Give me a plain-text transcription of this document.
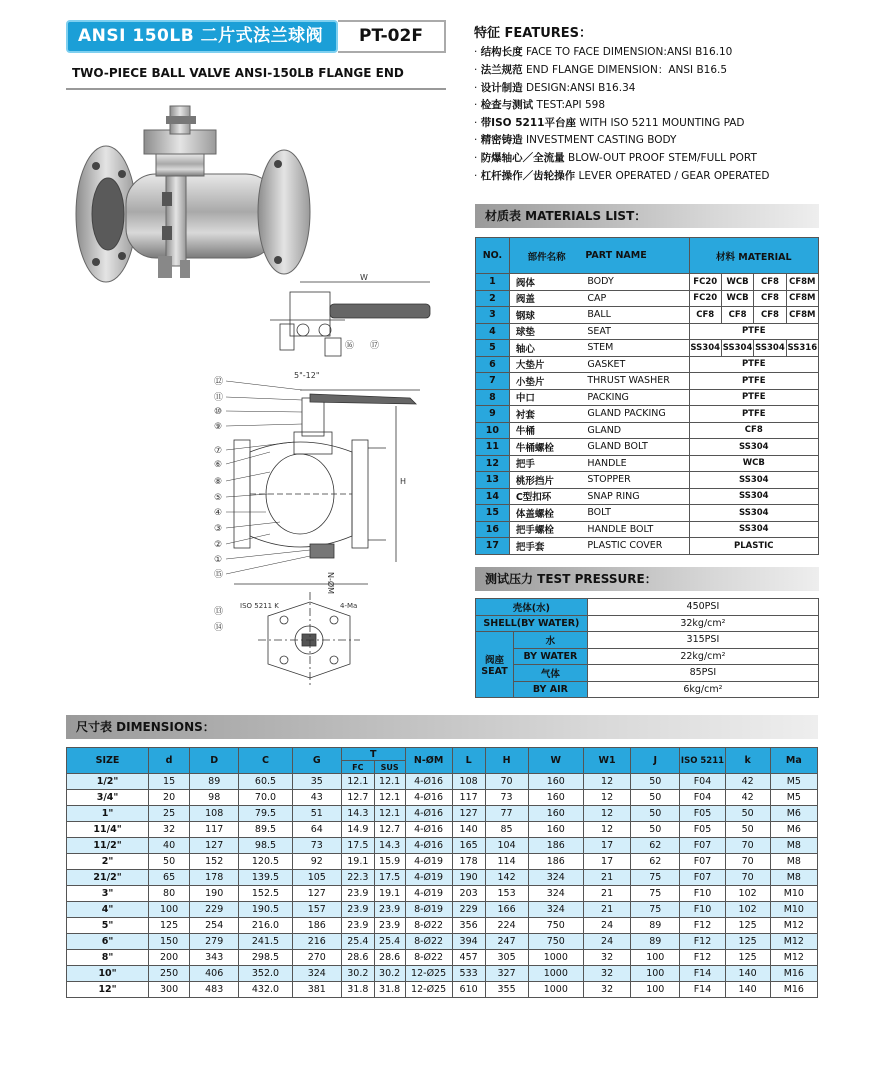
ANSI 150LB 二片式法兰球阀	PT-02F
TWO-PIECE BALL VALVE ANSI-150LB FLANGE END
W
5"-12"
⑯ ⑰
H
N-ØM
⑫
⑪
⑩
⑨
⑦
⑥
⑧
⑤
④
③
②
①
⑮
⑬
⑭
ISO 5211 K	4-Ma
特征 FEATURES：
· 结构长度 FACE TO FACE DIMENSION:ANSI B16.10
· 法兰规范 END FLANGE DIMENSION：ANSI B16.5
· 设计制造 DESIGN:ANSI B16.34
· 检查与测试 TEST:API 598
· 带ISO 5211平台座 WITH ISO 5211 MOUNTING PAD
· 精密铸造 INVESTMENT CASTING BODY
· 防爆轴心／全流量 BLOW-OUT PROOF STEM/FULL PORT
· 杠杆操作／齿轮操作 LEVER OPERATED / GEAR OPERATED
材质表 MATERIALS LIST：
NO.	部件名称	PART NAME	材料 MATERIAL			
1	阀体	BODY	FC20	WCB	CF8	CF8M
2	阀盖	CAP	FC20	WCB	CF8	CF8M
3	钢球	BALL	CF8	CF8	CF8	CF8M
4	球垫	SEAT	PTFE			
5	轴心	STEM	SS304	SS304	SS304	SS316
6	大垫片	GASKET	PTFE			
7	小垫片	THRUST WASHER	PTFE			
8	中口	PACKING	PTFE			
9	衬套	GLAND PACKING	PTFE			
10	牛桶	GLAND	CF8			
11	牛桶螺栓	GLAND BOLT	SS304			
12	把手	HANDLE	WCB			
13	桃形挡片	STOPPER	SS304			
14	C型扣环	SNAP RING	SS304			
15	体盖螺栓	BOLT	SS304			
16	把手螺栓	HANDLE BOLT	SS304			
17	把手套	PLASTIC COVER	PLASTIC			
测试压力 TEST PRESSURE：
壳体(水)		450PSI
SHELL(BY WATER)		32kg/cm²
阀座
SEAT	水	315PSI
	BY WATER	22kg/cm²
	气体	85PSI
	BY AIR	6kg/cm²
尺寸表 DIMENSIONS：
SIZE	d	D	C	G	T		N-ØM	L	H	W	W1	J	ISO 5211	k	Ma
					FC	SUS									
1/2"	15	89	60.5	35	12.1	12.1	4-Ø16	108	70	160	12	50	F04	42	M5
3/4"	20	98	70.0	43	12.7	12.1	4-Ø16	117	73	160	12	50	F04	42	M5
1"	25	108	79.5	51	14.3	12.1	4-Ø16	127	77	160	12	50	F05	50	M6
11/4"	32	117	89.5	64	14.9	12.7	4-Ø16	140	85	160	12	50	F05	50	M6
11/2"	40	127	98.5	73	17.5	14.3	4-Ø16	165	104	186	17	62	F07	70	M8
2"	50	152	120.5	92	19.1	15.9	4-Ø19	178	114	186	17	62	F07	70	M8
21/2"	65	178	139.5	105	22.3	17.5	4-Ø19	190	142	324	21	75	F07	70	M8
3"	80	190	152.5	127	23.9	19.1	4-Ø19	203	153	324	21	75	F10	102	M10
4"	100	229	190.5	157	23.9	23.9	8-Ø19	229	166	324	21	75	F10	102	M10
5"	125	254	216.0	186	23.9	23.9	8-Ø22	356	224	750	24	89	F12	125	M12
6"	150	279	241.5	216	25.4	25.4	8-Ø22	394	247	750	24	89	F12	125	M12
8"	200	343	298.5	270	28.6	28.6	8-Ø22	457	305	1000	32	100	F12	125	M12
10"	250	406	352.0	324	30.2	30.2	12-Ø25	533	327	1000	32	100	F14	140	M16
12"	300	483	432.0	381	31.8	31.8	12-Ø25	610	355	1000	32	100	F14	140	M16
